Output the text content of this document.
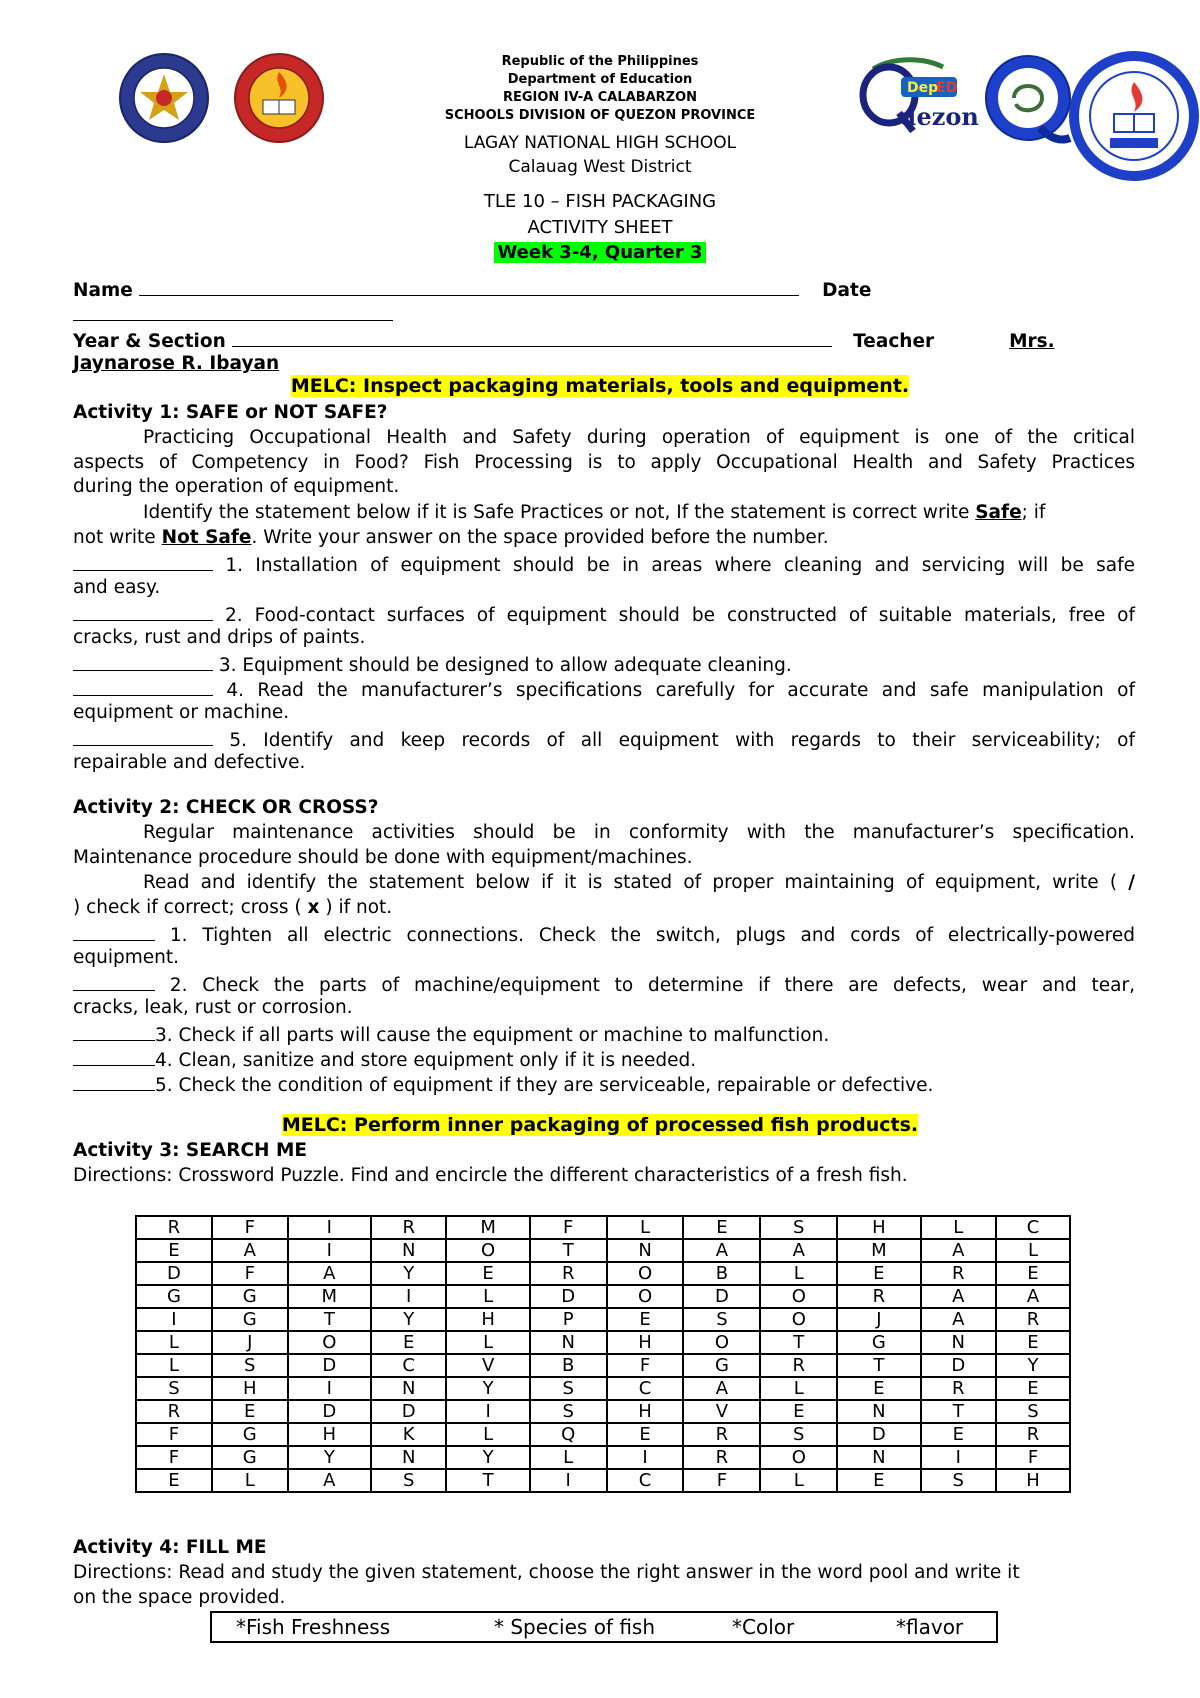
Dep
ED
uezon
Republic of the Philippines
Department of Education
REGION IV-A CALABARZON
SCHOOLS DIVISION OF QUEZON PROVINCE
LAGAY NATIONAL HIGH SCHOOL
Calauag West District
TLE 10 – FISH PACKAGING
ACTIVITY SHEET
Week 3-4, Quarter 3
Name	Date
Year & Section	Teacher	Mrs.
Jaynarose R. Ibayan
MELC: Inspect packaging materials, tools and equipment.
Activity 1: SAFE or NOT SAFE?
Practicing Occupational Health and Safety during operation of equipment is one of the critical
aspects of Competency in Food? Fish Processing is to apply Occupational Health and Safety Practices
during the operation of equipment.
Identify the statement below if it is Safe Practices or not, If the statement is correct write Safe; if
not write Not Safe. Write your answer on the space provided before the number.
1. Installation of equipment should be in areas where cleaning and servicing will be safe
and easy.
2. Food-contact surfaces of equipment should be constructed of suitable materials, free of
cracks, rust and drips of paints.
3. Equipment should be designed to allow adequate cleaning.
4. Read the manufacturer’s specifications carefully for accurate and safe manipulation of
equipment or machine.
5. Identify and keep records of all equipment with regards to their serviceability; of
repairable and defective.
Activity 2: CHECK OR CROSS?
Regular maintenance activities should be in conformity with the manufacturer’s specification.
Maintenance procedure should be done with equipment/machines.
Read and identify the statement below if it is stated of proper maintaining of equipment, write ( /
) check if correct; cross ( x ) if not.
1. Tighten all electric connections. Check the switch, plugs and cords of electrically-powered
equipment.
2. Check the parts of machine/equipment to determine if there are defects, wear and tear,
cracks, leak, rust or corrosion.
3. Check if all parts will cause the equipment or machine to malfunction.
4. Clean, sanitize and store equipment only if it is needed.
5. Check the condition of equipment if they are serviceable, repairable or defective.
MELC: Perform inner packaging of processed fish products.
Activity 3: SEARCH ME
Directions: Crossword Puzzle. Find and encircle the different characteristics of a fresh fish.
R	F	I	R	M	F	L	E	S	H	L	C
E	A	I	N	O	T	N	A	A	M	A	L
D	F	A	Y	E	R	O	B	L	E	R	E
G	G	M	I	L	D	O	D	O	R	A	A
I	G	T	Y	H	P	E	S	O	J	A	R
L	J	O	E	L	N	H	O	T	G	N	E
L	S	D	C	V	B	F	G	R	T	D	Y
S	H	I	N	Y	S	C	A	L	E	R	E
R	E	D	D	I	S	H	V	E	N	T	S
F	G	H	K	L	Q	E	R	S	D	E	R
F	G	Y	N	Y	L	I	R	O	N	I	F
E	L	A	S	T	I	C	F	L	E	S	H
Activity 4: FILL ME
Directions: Read and study the given statement, choose the right answer in the word pool and write it
on the space provided.
*Fish Freshness	* Species of fish	*Color	*flavor
